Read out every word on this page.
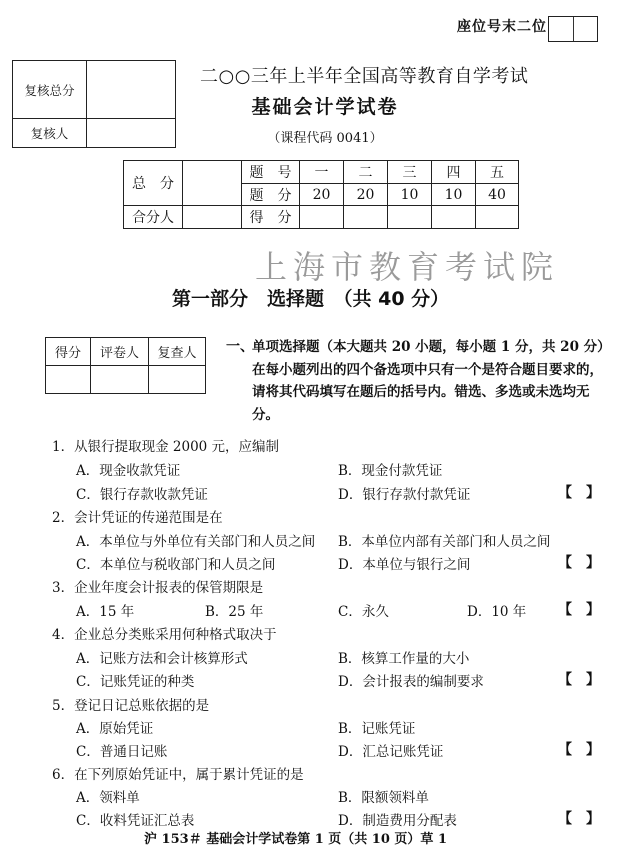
座位号末二位
复核总分	
复核人	
二○○三年上半年全国高等教育自学考试
基础会计学试卷
（课程代码 0041）
总　分		题　号	一	二	三	四	五
		题　分	20	20	10	10	40
合分人		得　分					
上海市教育考试院
第一部分　选择题　（共 40 分）
得分	评卷人	复查人
		一、
单项选择题（本大题共 20 小题，每小题 1 分，共 20 分）
在每小题列出的四个备选项中只有一个是符合题目要求的，请将其代码填写在题后的括号内。错选、多选或未选均无分。
1．从银行提取现金 2000 元，应编制
A．现金收款凭证	B．现金付款凭证
C．银行存款收款凭证	D．银行存款付款凭证	【 】
2．会计凭证的传递范围是在
A．本单位与外单位有关部门和人员之间 B．本单位内部有关部门和人员之间
C．本单位与税收部门和人员之间	D．本单位与银行之间	【 】
3．企业年度会计报表的保管期限是
A．15 年	B．25 年	C．永久	D．10 年 【 】
4．企业总分类账采用何种格式取决于
A．记账方法和会计核算形式	B．核算工作量的大小
C．记账凭证的种类	D．会计报表的编制要求	【 】
5．登记日记总账依据的是
A．原始凭证	B．记账凭证
C．普通日记账	D．汇总记账凭证	【 】
6．在下列原始凭证中，属于累计凭证的是
A．领料单	B．限额领料单
C．收料凭证汇总表	D．制造费用分配表	【 】
沪 153＃ 基础会计学试卷第 1 页（共 10 页）草 1
